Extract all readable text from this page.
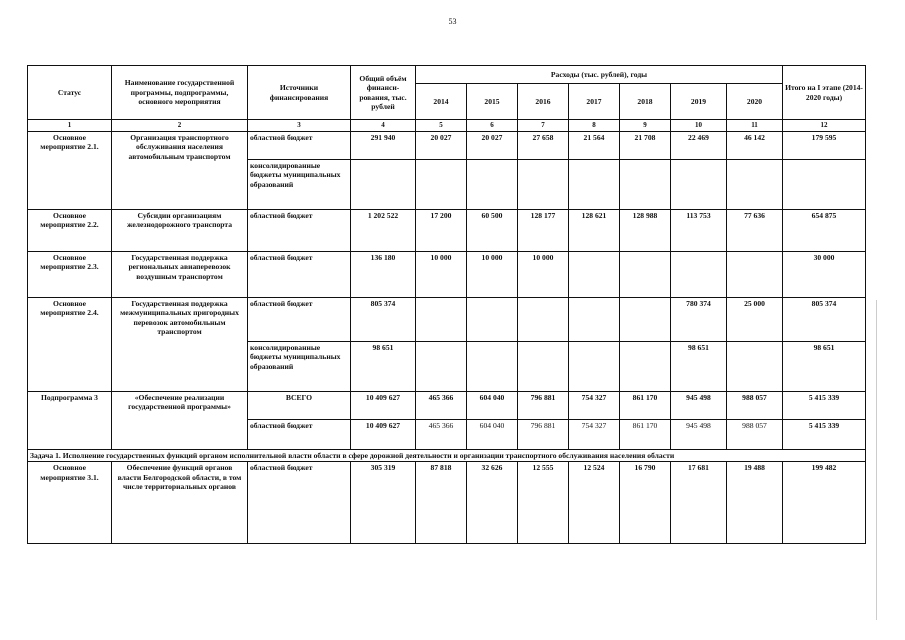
53
Статус	Наименование государственной программы, подпрограммы, основного мероприятия	Источники финансирования	Общий объём финанси-рования, тыс. рублей	Расходы (тыс. рублей), годы							Итого на I этапе (2014-2020 годы)
				2014	2015	2016	2017	2018	2019	2020	
1	2	3	4	5	6	7	8	9	10	11	12
Основное мероприятие 2.1.	Организация транспортного обслуживания населения автомобильным транспортом	областной бюджет	291 940	20 027	20 027	27 658	21 564	21 708	22 469	46 142	179 595
		консолидированные бюджеты муниципальных образований									
Основное мероприятие 2.2.	Субсидии организациям железнодорожного транспорта	областной бюджет	1 202 522	17 200	60 500	128 177	128 621	128 988	113 753	77 636	654 875
Основное мероприятие 2.3.	Государственная поддержка региональных авиаперевозок воздушным транспортом	областной бюджет	136 180	10 000	10 000	10 000					30 000
Основное мероприятие 2.4.	Государственная поддержка межмуниципальных пригородных перевозок автомобильным транспортом	областной бюджет	805 374						780 374	25 000	805 374
		консолидированные бюджеты муниципальных образований	98 651						98 651		98 651
Подпрограмма 3	«Обеспечение реализации государственной программы»	ВСЕГО	10 409 627	465 366	604 040	796 881	754 327	861 170	945 498	988 057	5 415 339
		областной бюджет	10 409 627	465 366	604 040	796 881	754 327	861 170	945 498	988 057	5 415 339
Задача 1. Исполнение государственных функций органом исполнительной власти области в сфере дорожной деятельности и организации транспортного обслуживания населения области											
Основное мероприятие 3.1.	Обеспечение функций органов власти Белгородской области, в том числе территориальных органов	областной бюджет	305 319	87 818	32 626	12 555	12 524	16 790	17 681	19 488	199 482
